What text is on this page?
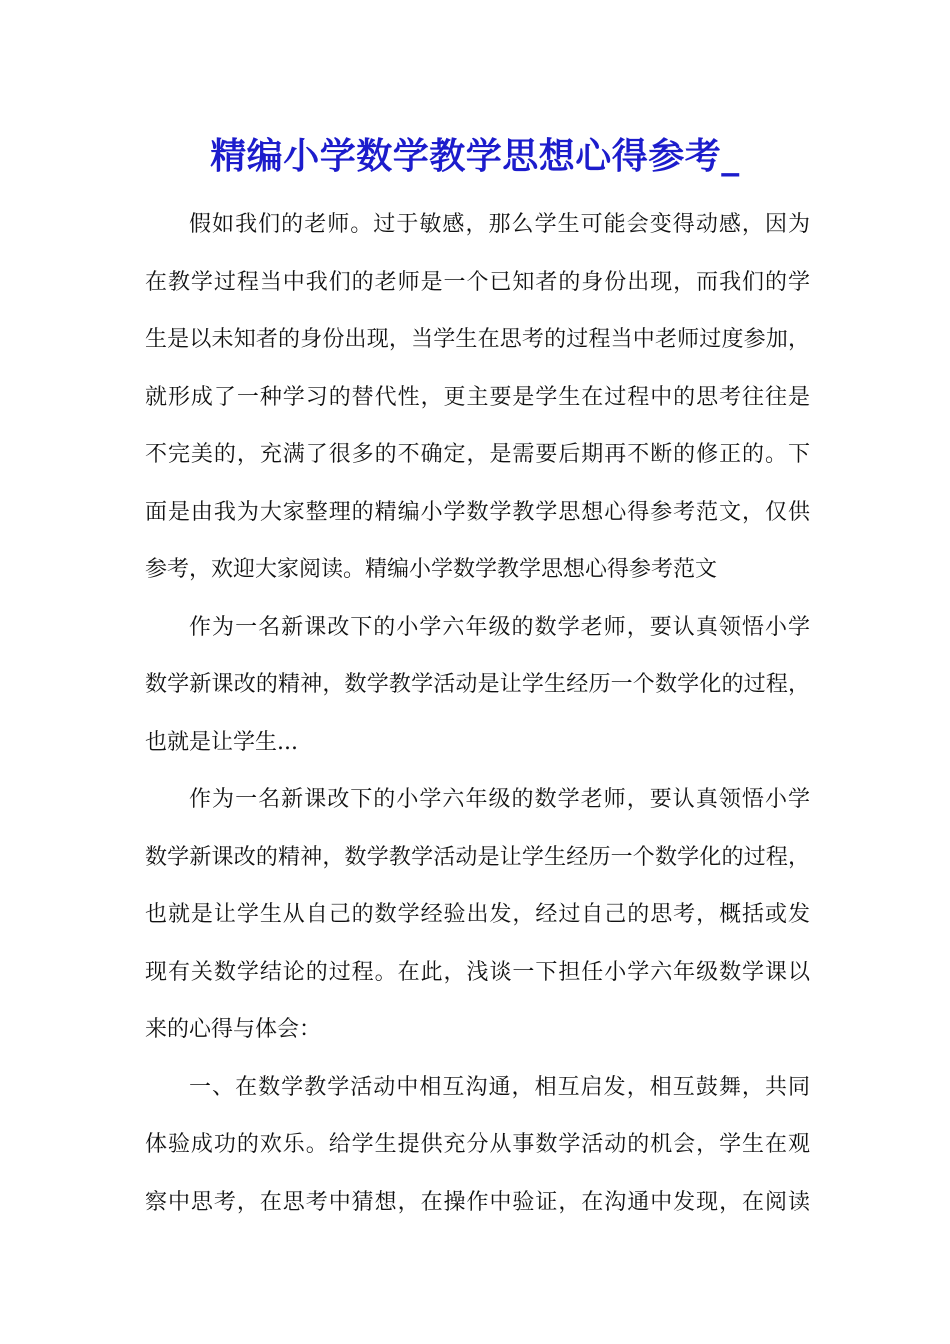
精编小学数学教学思想心得参考_
假如我们的老师。过于敏感，那么学生可能会变得动感，因为
在教学过程当中我们的老师是一个已知者的身份出现，而我们的学
生是以未知者的身份出现，当学生在思考的过程当中老师过度参加，
就形成了一种学习的替代性，更主要是学生在过程中的思考往往是
不完美的，充满了很多的不确定，是需要后期再不断的修正的。下
面是由我为大家整理的精编小学数学教学思想心得参考范文，仅供
参考，欢迎大家阅读。精编小学数学教学思想心得参考范文
作为一名新课改下的小学六年级的数学老师，要认真领悟小学
数学新课改的精神，数学教学活动是让学生经历一个数学化的过程，
也就是让学生...
作为一名新课改下的小学六年级的数学老师，要认真领悟小学
数学新课改的精神，数学教学活动是让学生经历一个数学化的过程，
也就是让学生从自己的数学经验出发，经过自己的思考，概括或发
现有关数学结论的过程。在此，浅谈一下担任小学六年级数学课以
来的心得与体会：
一、在数学教学活动中相互沟通，相互启发，相互鼓舞，共同
体验成功的欢乐。给学生提供充分从事数学活动的机会，学生在观
察中思考，在思考中猜想，在操作中验证，在沟通中发现，在阅读
